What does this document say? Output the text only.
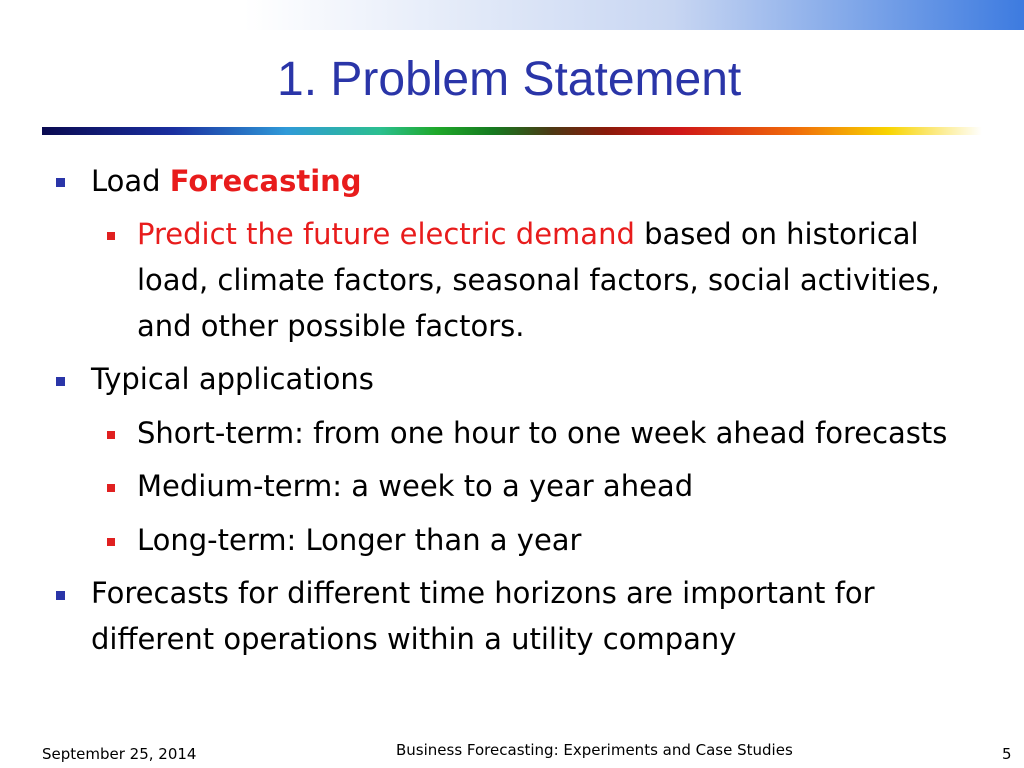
1. Problem Statement
Load Forecasting
Predict the future electric demand based on historical
load, climate factors, seasonal factors, social activities,
and other possible factors.
Typical applications
Short-term: from one hour to one week ahead forecasts
Medium-term: a week to a year ahead
Long-term: Longer than a year
Forecasts for different time horizons are important for
different operations within a utility company
September 25, 2014	Business Forecasting: Experiments and Case Studies	5
